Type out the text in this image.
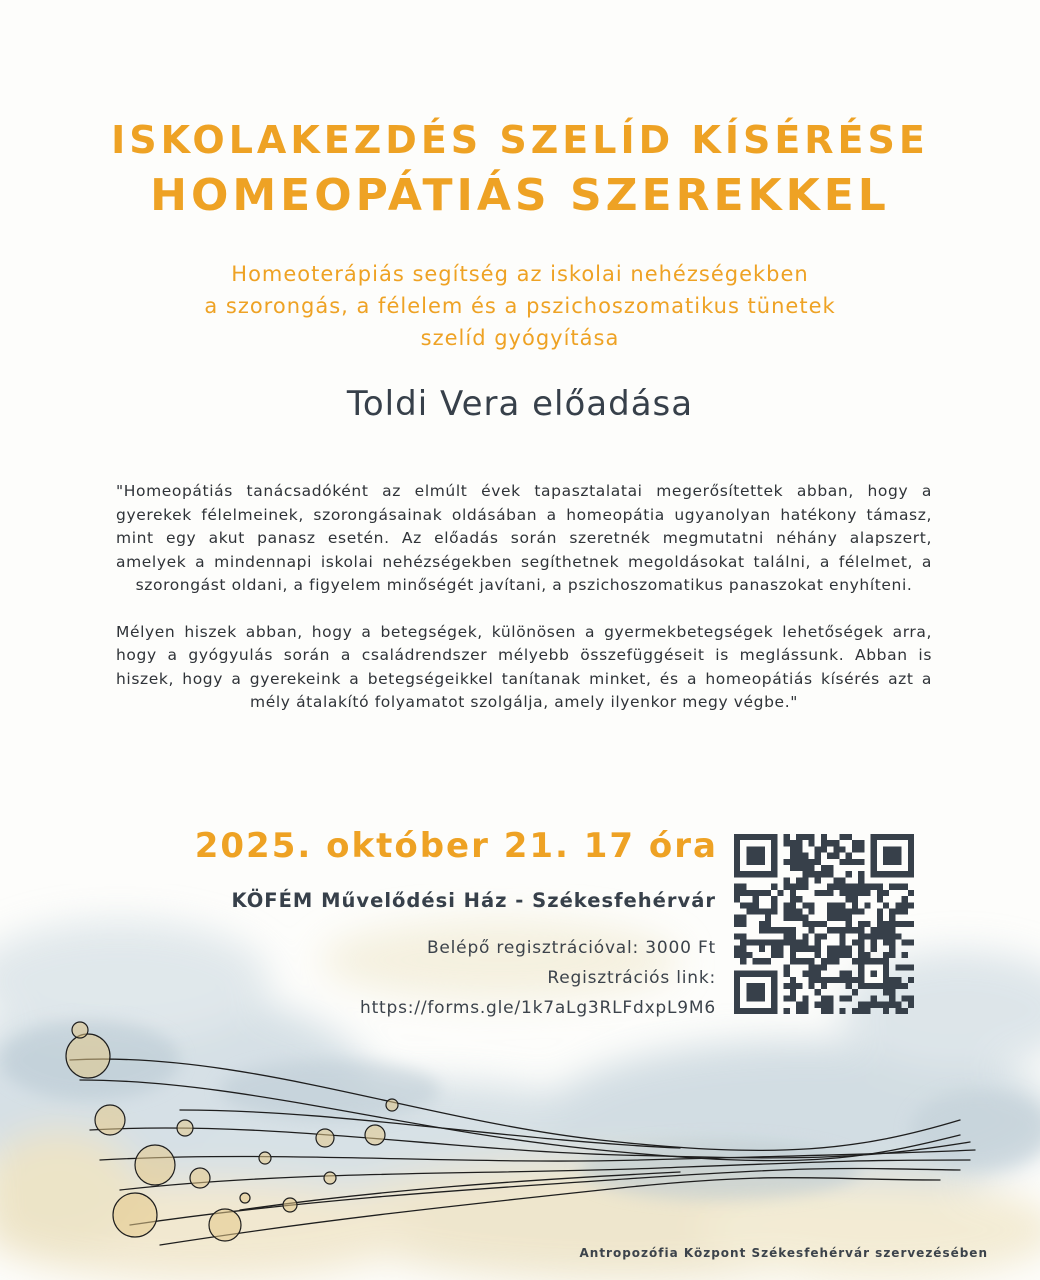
ISKOLAKEZDÉS SZELÍD KÍSÉRÉSE
HOMEOPÁTIÁS SZEREKKEL
Homeoterápiás segítség az iskolai nehézségekben
a szorongás, a félelem és a pszichoszomatikus tünetek
szelíd gyógyítása
Toldi Vera előadása

"Homeopátiás tanácsadóként az elmúlt évek tapasztalatai megerősítettek abban, hogy a gyerekek félelmeinek, szorongásainak oldásában a homeopátia ugyanolyan hatékony támasz, mint egy akut panasz esetén. Az előadás során szeretnék megmutatni néhány alapszert, amelyek a mindennapi iskolai nehézségekben segíthetnek megoldásokat találni, a félelmet, a szorongást oldani, a figyelem minőségét javítani, a pszichoszomatikus panaszokat enyhíteni.

Mélyen hiszek abban, hogy a betegségek, különösen a gyermekbetegségek lehetőségek arra, hogy a gyógyulás során a családrendszer mélyebb összefüggéseit is meglássunk. Abban is hiszek, hogy a gyerekeink a betegségeikkel tanítanak minket, és a homeopátiás kísérés azt a mély átalakító folyamatot szolgálja, amely ilyenkor megy végbe."

2025. október 21. 17 óra
KÖFÉM Művelődési Ház - Székesfehérvár
Belépő regisztrációval: 3000 Ft
Regisztrációs link:
https://forms.gle/1k7aLg3RLFdxpL9M6
Antropozófia Központ Székesfehérvár szervezésében
